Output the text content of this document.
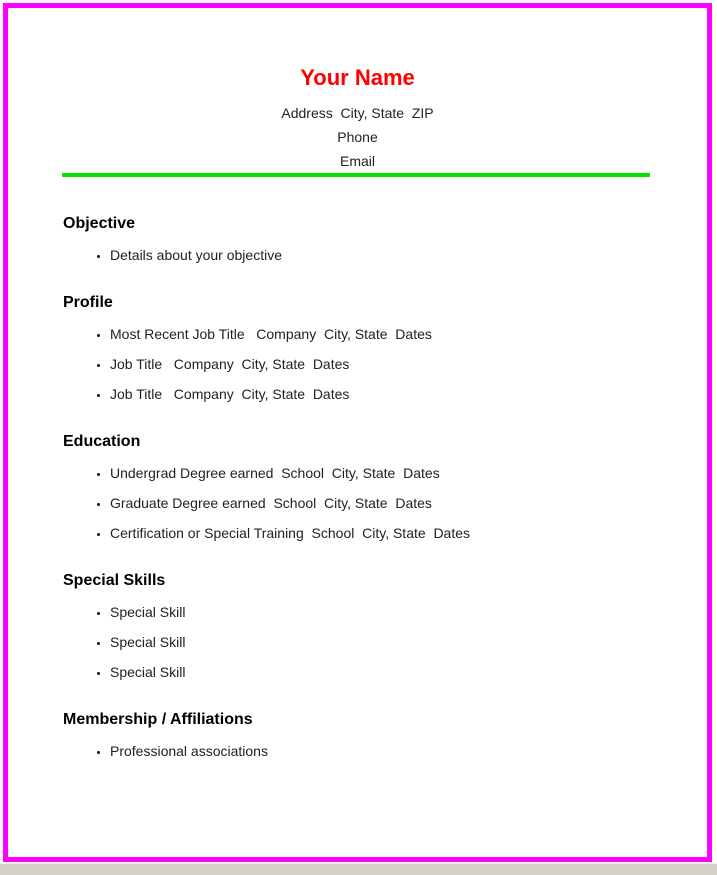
Your Name
Address  City, State  ZIP
Phone
Email
Objective
• Details about your objective
Profile
• Most Recent Job Title   Company  City, State  Dates
• Job Title   Company  City, State  Dates
• Job Title   Company  City, State  Dates
Education
• Undergrad Degree earned  School  City, State  Dates
• Graduate Degree earned  School  City, State  Dates
• Certification or Special Training  School  City, State  Dates
Special Skills
• Special Skill
• Special Skill
• Special Skill
Membership / Affiliations
• Professional associations
